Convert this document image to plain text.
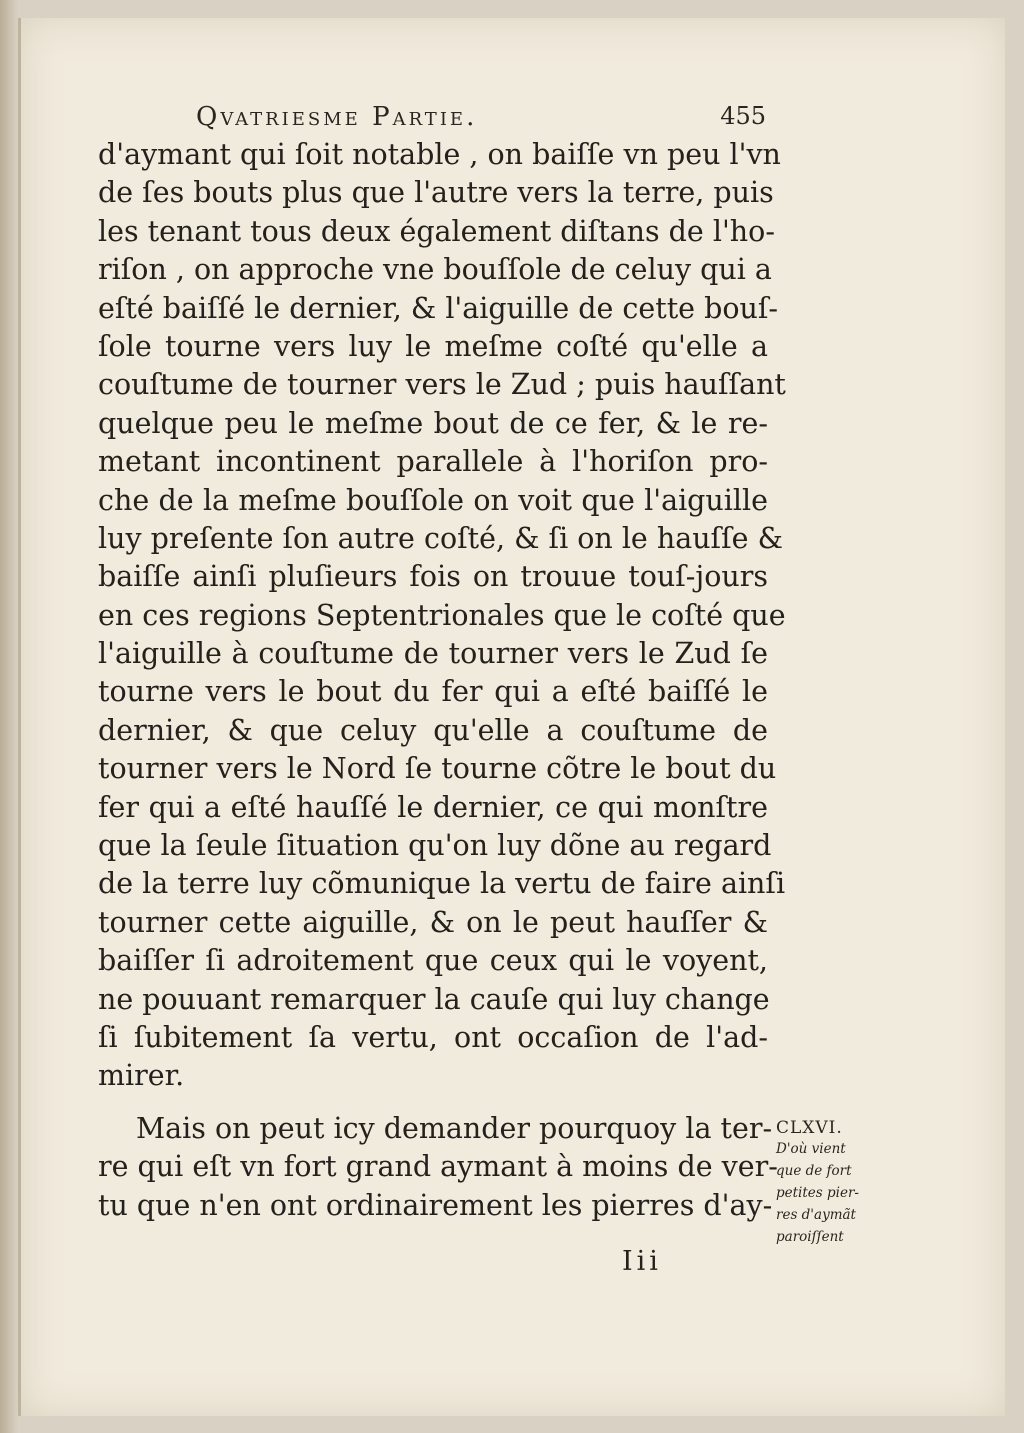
Qvatriesme Partie.	455
d'aymant qui ſoit notable , on baiſſe vn peu l'vn
de ſes bouts plus que l'autre vers la terre, puis
les tenant tous deux également diſtans de l'ho-
riſon , on approche vne bouſſole de celuy qui a
eſté baiſſé le dernier, & l'aiguille de cette bouſ-
ſole tourne vers luy le meſme coſté qu'elle a
couſtume de tourner vers le Zud ; puis hauſſant
quelque peu le meſme bout de ce fer, & le re-
metant incontinent parallele à l'horiſon pro-
che de la meſme bouſſole on voit que l'aiguille
luy preſente ſon autre coſté, & ſi on le hauſſe &
baiſſe ainſi pluſieurs fois on trouue touſ-jours
en ces regions Septentrionales que le coſté que
l'aiguille à couſtume de tourner vers le Zud ſe
tourne vers le bout du fer qui a eſté baiſſé le
dernier, & que celuy qu'elle a couſtume de
tourner vers le Nord ſe tourne cõtre le bout du
fer qui a eſté hauſſé le dernier, ce qui monſtre
que la ſeule ſituation qu'on luy dõne au regard
de la terre luy cõmunique la vertu de faire ainſi
tourner cette aiguille, & on le peut hauſſer &
baiſſer ſi adroitement que ceux qui le voyent,
ne pouuant remarquer la cauſe qui luy change
ſi ſubitement ſa vertu, ont occaſion de l'ad-
mirer.
Mais on peut icy demander pourquoy la ter-
re qui eſt vn fort grand aymant à moins de ver-
tu que n'en ont ordinairement les pierres d'ay-
CLXVI.
D'où vient
que de fort
petites pier-
res d'aymãt
paroiſſent
Iii
